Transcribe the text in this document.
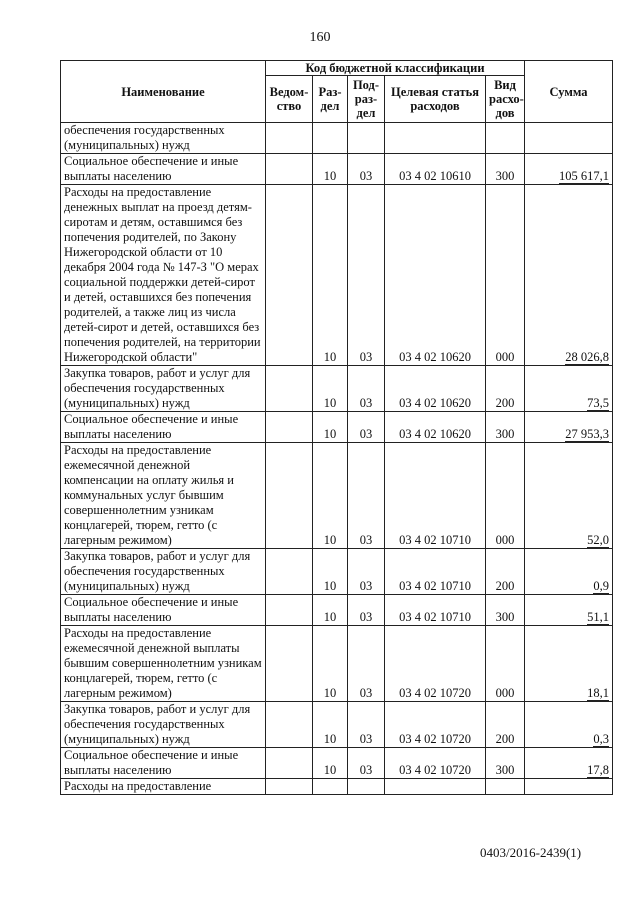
160
Наименование	Код бюджетной классификации					Сумма
	Ведом-ство	Раз-дел	Под-раз-дел	Целевая статья расходов	Вид расхо-дов	
обеспечения государственных (муниципальных) нужд						
Социальное обеспечение и иные выплаты населению		10	03	03 4 02 10610	300	105 617,1
Расходы на предоставление денежных выплат на проезд детям-сиротам и детям, оставшимся без попечения родителей, по Закону Нижегородской области от 10 декабря 2004 года № 147-З "О мерах социальной поддержки детей-сирот и детей, оставшихся без попечения родителей, а также лиц из числа детей-сирот и детей, оставшихся без попечения родителей, на территории Нижегородской области"		10	03	03 4 02 10620	000	28 026,8
Закупка товаров, работ и услуг для обеспечения государственных (муниципальных) нужд		10	03	03 4 02 10620	200	73,5
Социальное обеспечение и иные выплаты населению		10	03	03 4 02 10620	300	27 953,3
Расходы на предоставление ежемесячной денежной компенсации на оплату жилья и коммунальных услуг бывшим совершеннолетним узникам концлагерей, тюрем, гетто (с лагерным режимом)		10	03	03 4 02 10710	000	52,0
Закупка товаров, работ и услуг для обеспечения государственных (муниципальных) нужд		10	03	03 4 02 10710	200	0,9
Социальное обеспечение и иные выплаты населению		10	03	03 4 02 10710	300	51,1
Расходы на предоставление ежемесячной денежной выплаты бывшим совершеннолетним узникам концлагерей, тюрем, гетто (с лагерным режимом)		10	03	03 4 02 10720	000	18,1
Закупка товаров, работ и услуг для обеспечения государственных (муниципальных) нужд		10	03	03 4 02 10720	200	0,3
Социальное обеспечение и иные выплаты населению		10	03	03 4 02 10720	300	17,8
Расходы на предоставление						
0403/2016-2439(1)
